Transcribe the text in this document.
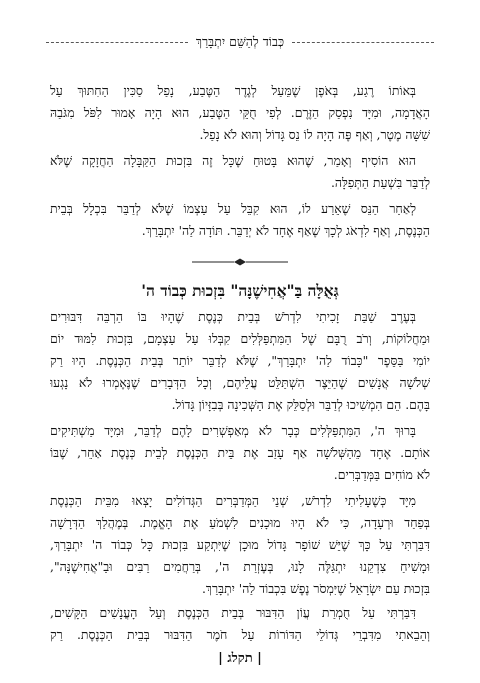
כְּבוֹד לְהַשֵּׁם יִתְבָּרַךְ
בְּאוֹתוֹ רֶגַע, בְּאֹפֶן שֶׁמֵּעַל לְגֶדֶר הַטֶּבַע, נָפַל סַכִּין הַחִתּוּךְ עַל
הָאֲדָמָה, וּמִיָּד נִפְסַק הַזֶּרֶם. לְפִי חֻקֵּי הַטֶּבַע, הוּא הָיָה אָמוּר לִפֹּל מִגֹּבַהּ
שִׁשָּׁה מֶטֶר, וְאַף פֶּה הָיָה לוֹ נֵס גָּדוֹל וְהוּא לֹא נָפַל.
הוּא הוֹסִיף וְאָמַר, שֶׁהוּא בָּטוּחַ שֶׁכָּל זֶה בִּזְכוּת הַקַּבָּלָה הַחֲזָקָה שֶׁלֹּא
לְדַבֵּר בִּשְׁעַת הַתְּפִלָּה.
לְאַחַר הַנֵּס שֶׁאֵרַע לוֹ, הוּא קִבֵּל עַל עַצְמוֹ שֶׁלֹּא לְדַבֵּר בִּכְלָל בְּבֵית
הַכְּנֶסֶת, וְאַף לִדְאֹג לְכָךְ שֶׁאַף אֶחָד לֹא יְדַבֵּר. תּוֹדָה לַה' יִתְבָּרַךְ.
גְּאֻלָּה בַּ"אֲחִישֶׁנָּה" בִּזְכוּת כְּבוֹד ה'
בְּעֶרֶב שַׁבַּת זָכִיתִי לִדְרֹשׁ בְּבֵית כְּנֶסֶת שֶׁהָיוּ בּוֹ הַרְבֵּה דִּבּוּרִים
וּמַחֲלוֹקוֹת, וְרֹב רֻבָּם שֶׁל הַמִּתְפַּלְּלִים קִבְּלוּ עַל עַצְמָם, בִּזְכוּת לִמּוּד יוֹם
יוֹמִי בַּסֵּפֶר "כָּבוֹד לַה' יִתְבָּרַךְ", שֶׁלֹּא לְדַבֵּר יוֹתֵר בְּבֵית הַכְּנֶסֶת. הָיוּ רַק
שְׁלֹשָׁה אֲנָשִׁים שֶׁהַיֵּצֶר הִשְׁתַּלֵּט עֲלֵיהֶם, וְכָל הַדְּבָרִים שֶׁנֶּאֶמְרוּ לֹא נָגְעוּ
בָּהֶם. הֵם הִמְשִׁיכוּ לְדַבֵּר וּלְסַלֵּק אֶת הַשְּׁכִינָה בְּבִזָּיוֹן גָּדוֹל.
בָּרוּךְ ה', הַמִּתְפַּלְּלִים כְּבָר לֹא מְאַפְשְׁרִים לָהֶם לְדַבֵּר, וּמִיָּד מַשְׁתִּיקִים
אוֹתָם. אֶחָד מֵהַשְּׁלֹשָׁה אַף עָזַב אֶת בֵּית הַכְּנֶסֶת לְבֵית כְּנֶסֶת אַחֵר, שֶׁבּוֹ
לֹא מוֹחִים בַּמְּדַבְּרִים.
מִיָּד כְּשֶׁעָלִיתִי לִדְרֹשׁ, שְׁנֵי הַמְּדַבְּרִים הַגְּדוֹלִים יָצְאוּ מִבֵּית הַכְּנֶסֶת
בְּפַחַד וּרְעָדָה, כִּי לֹא הָיוּ מוּכָנִים לִשְׁמֹעַ אֶת הָאֱמֶת. בְּמֶהֲלַךְ הַדְּרָשָׁה
דִּבַּרְתִּי עַל כָּךְ שֶׁיֵּשׁ שׁוֹפָר גָּדוֹל מוּכָן שֶׁיִּתְקַע בִּזְכוּת כָּל כְּבוֹד ה' יִתְבָּרַךְ,
וּמָשִׁיחַ צִדְקֵנוּ יִתְגַּלֶּה לָנוּ, בְּעֶזְרַת ה', בְּרַחֲמִים רַבִּים וּבַ"אֲחִישֶׁנָּה",
בִּזְכוּת עַם יִשְׂרָאֵל שֶׁיִּמְסֹר נֶפֶשׁ בִּכְבוֹד לַה' יִתְבָּרַךְ.
דִּבַּרְתִּי עַל חֻמְרַת עֲוֹן הַדִּבּוּר בְּבֵית הַכְּנֶסֶת וְעַל הָעֳנָשִׁים הַקָּשִׁים,
וְהֵבֵאתִי מִדִּבְרֵי גְּדוֹלֵי הַדּוֹרוֹת עַל חֹמֶר הַדִּבּוּר בְּבֵית הַכְּנֶסֶת. רַק
| תקלג |
